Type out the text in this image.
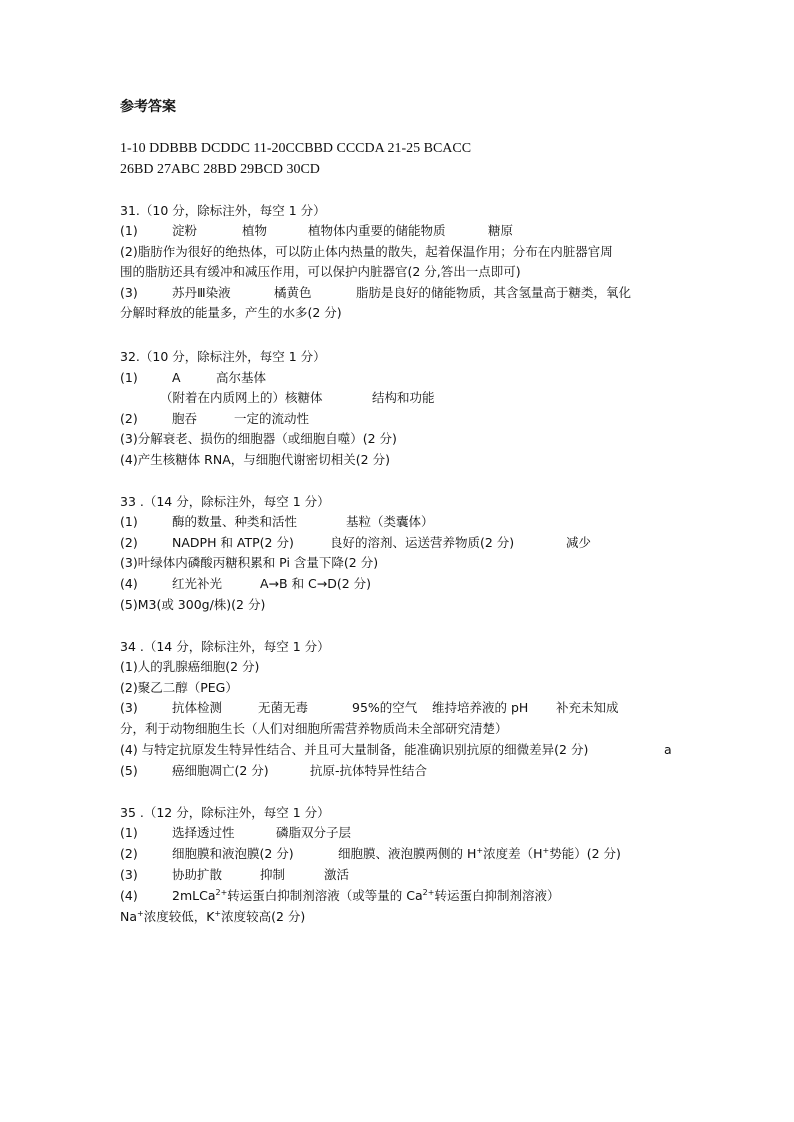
参考答案
1-10 DDBBB DCDDC 11-20CCBBD CCCDA 21-25 BCACC
26BD 27ABC 28BD 29BCD 30CD
31.（10 分，除标注外，每空 1 分）
(1)	淀粉	植物	植物体内重要的储能物质	糖原
(2)脂肪作为很好的绝热体，可以防止体内热量的散失，起着保温作用；分布在内脏器官周
围的脂肪还具有缓冲和减压作用，可以保护内脏器官(2 分,答出一点即可)
(3)	苏丹Ⅲ染液	橘黄色	脂肪是良好的储能物质，其含氢量高于糖类，氧化
分解时释放的能量多，产生的水多(2 分)
32.（10 分，除标注外，每空 1 分）
(1)	A	高尔基体
（附着在内质网上的）核糖体	结构和功能
(2)	胞吞	一定的流动性
(3)分解衰老、损伤的细胞器（或细胞自噬）(2 分)
(4)产生核糖体 RNA，与细胞代谢密切相关(2 分)
33 .（14 分，除标注外，每空 1 分）
(1)	酶的数量、种类和活性	基粒（类囊体）
(2)	NADPH 和 ATP(2 分)	良好的溶剂、运送营养物质(2 分)	减少
(3)叶绿体内磷酸丙糖积累和 Pi 含量下降(2 分)
(4)	红光补光	A→B 和 C→D(2 分)
(5)M3(或 300g/株)(2 分)
34 .（14 分，除标注外，每空 1 分）
(1)人的乳腺癌细胞(2 分)
(2)聚乙二醇（PEG）
(3)	抗体检测	无菌无毒	95%的空气 维持培养液的 pH 补充未知成
分，利于动物细胞生长（人们对细胞所需营养物质尚未全部研究清楚）
(4) 与特定抗原发生特异性结合、并且可大量制备，能准确识别抗原的细微差异(2 分)	a
(5)	癌细胞凋亡(2 分)	抗原-抗体特异性结合
35 .（12 分，除标注外，每空 1 分）
(1)	选择透过性	磷脂双分子层
(2)	细胞膜和液泡膜(2 分)	细胞膜、液泡膜两侧的 H+浓度差（H+势能）(2 分)
(3)	协助扩散	抑制	激活
(4)	2mLCa$^{2+}$转运蛋白抑制剂溶液（或等量的 $Ca^{2+}$转运蛋白抑制剂溶液）
Na+浓度较低，K+浓度较高(2 分)
